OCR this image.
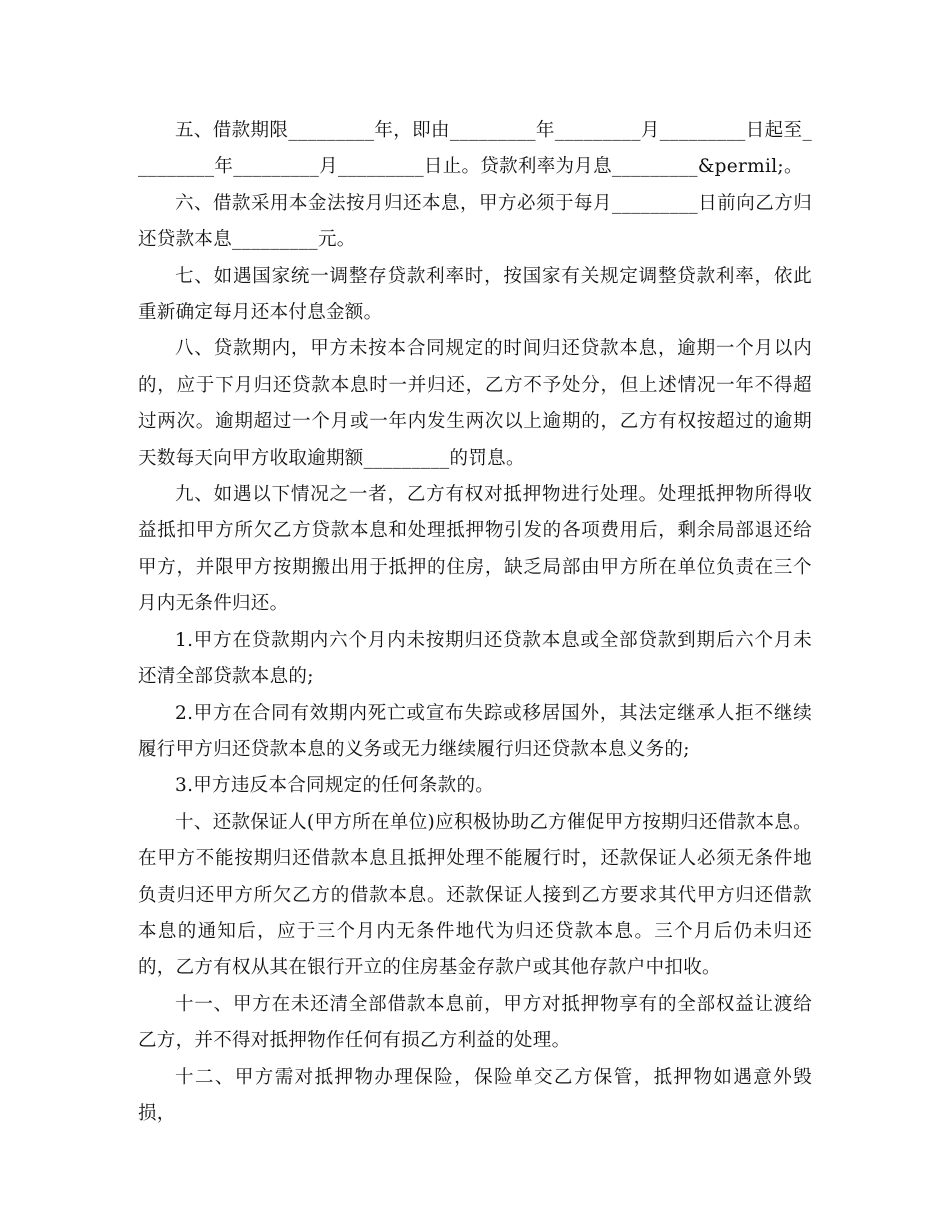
五、借款期限_________年，即由_________年_________月_________日起至_________年_________月_________日止。贷款利率为月息_________&permil;。

六、借款采用本金法按月归还本息，甲方必须于每月_________日前向乙方归还贷款本息_________元。

七、如遇国家统一调整存贷款利率时，按国家有关规定调整贷款利率，依此重新确定每月还本付息金额。

八、贷款期内，甲方未按本合同规定的时间归还贷款本息，逾期一个月以内的，应于下月归还贷款本息时一并归还，乙方不予处分，但上述情况一年不得超过两次。逾期超过一个月或一年内发生两次以上逾期的，乙方有权按超过的逾期天数每天向甲方收取逾期额_________的罚息。

九、如遇以下情况之一者，乙方有权对抵押物进行处理。处理抵押物所得收益抵扣甲方所欠乙方贷款本息和处理抵押物引发的各项费用后，剩余局部退还给甲方，并限甲方按期搬出用于抵押的住房，缺乏局部由甲方所在单位负责在三个月内无条件归还。

1.甲方在贷款期内六个月内未按期归还贷款本息或全部贷款到期后六个月未还清全部贷款本息的;

2.甲方在合同有效期内死亡或宣布失踪或移居国外，其法定继承人拒不继续履行甲方归还贷款本息的义务或无力继续履行归还贷款本息义务的;

3.甲方违反本合同规定的任何条款的。

十、还款保证人(甲方所在单位)应积极协助乙方催促甲方按期归还借款本息。在甲方不能按期归还借款本息且抵押处理不能履行时，还款保证人必须无条件地负责归还甲方所欠乙方的借款本息。还款保证人接到乙方要求其代甲方归还借款本息的通知后，应于三个月内无条件地代为归还贷款本息。三个月后仍未归还的，乙方有权从其在银行开立的住房基金存款户或其他存款户中扣收。

十一、甲方在未还清全部借款本息前，甲方对抵押物享有的全部权益让渡给乙方，并不得对抵押物作任何有损乙方利益的处理。

十二、甲方需对抵押物办理保险，保险单交乙方保管，抵押物如遇意外毁损，
